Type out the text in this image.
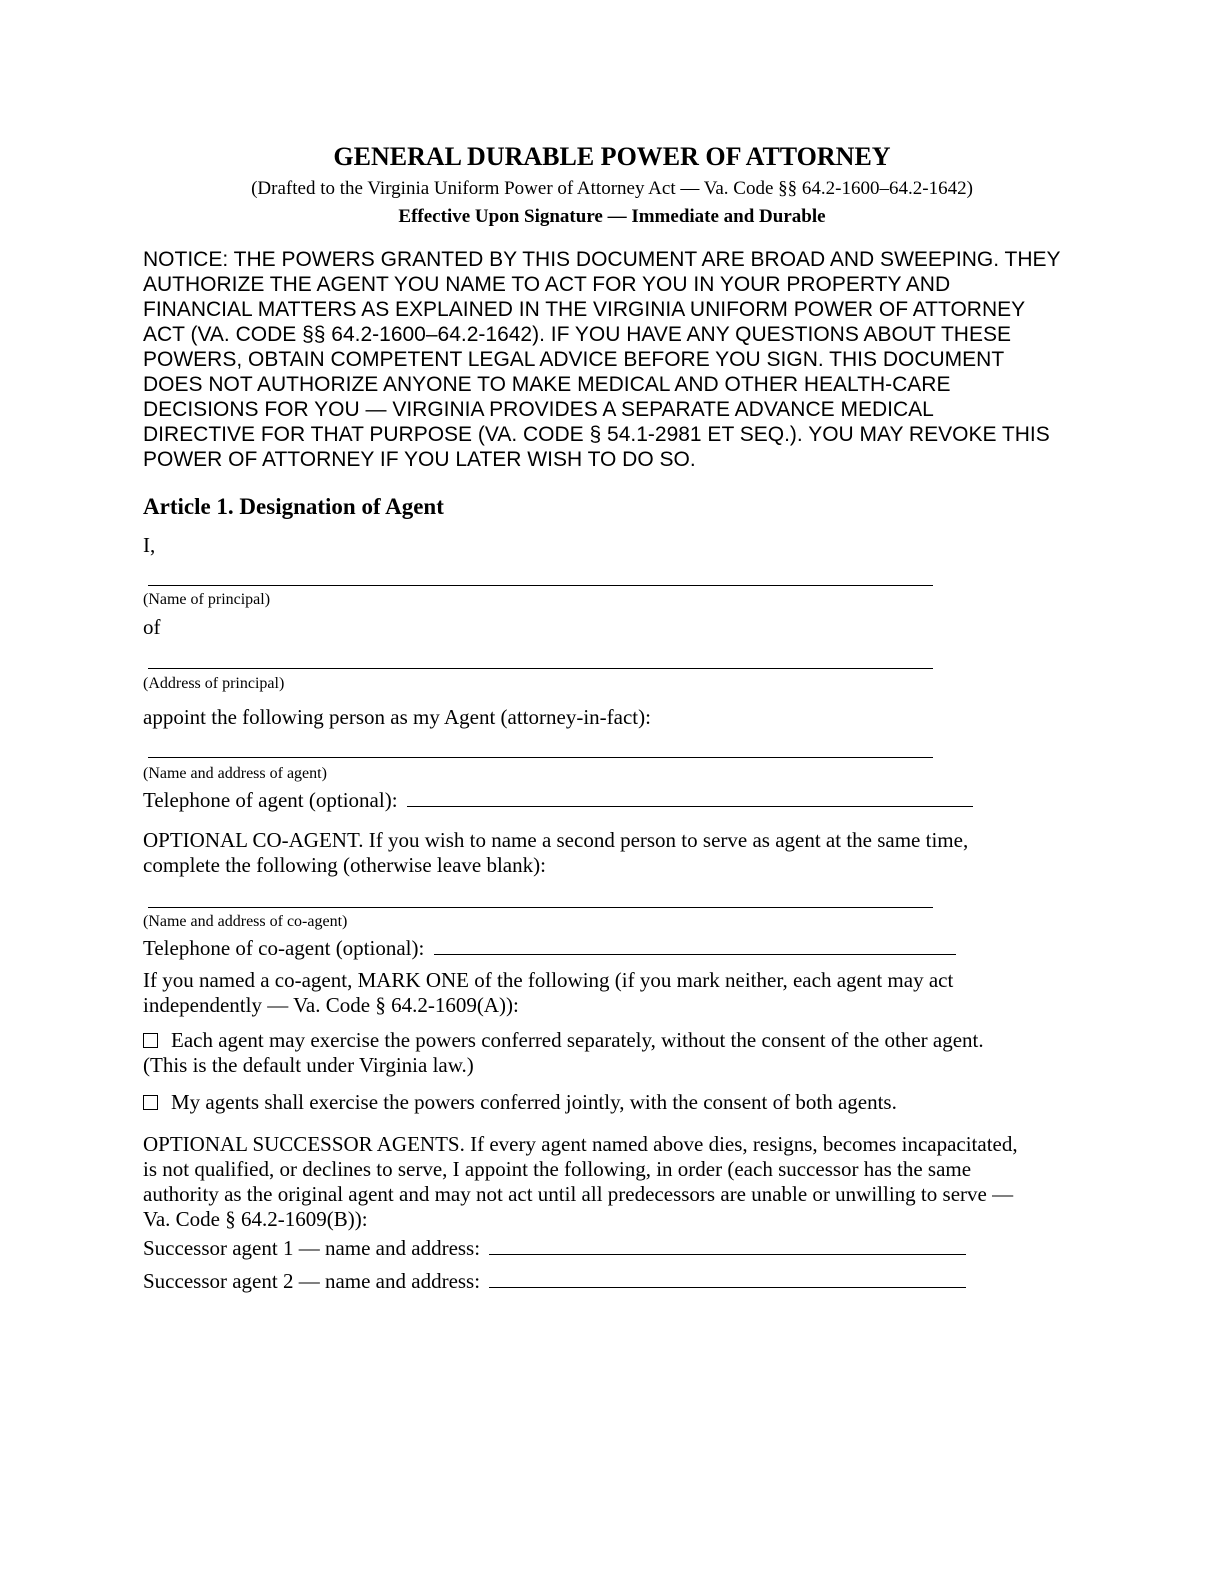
GENERAL DURABLE POWER OF ATTORNEY
(Drafted to the Virginia Uniform Power of Attorney Act — Va. Code §§ 64.2-1600–64.2-1642)
Effective Upon Signature — Immediate and Durable
NOTICE: THE POWERS GRANTED BY THIS DOCUMENT ARE BROAD AND SWEEPING. THEY
AUTHORIZE THE AGENT YOU NAME TO ACT FOR YOU IN YOUR PROPERTY AND
FINANCIAL MATTERS AS EXPLAINED IN THE VIRGINIA UNIFORM POWER OF ATTORNEY
ACT (VA. CODE §§ 64.2-1600–64.2-1642). IF YOU HAVE ANY QUESTIONS ABOUT THESE
POWERS, OBTAIN COMPETENT LEGAL ADVICE BEFORE YOU SIGN. THIS DOCUMENT
DOES NOT AUTHORIZE ANYONE TO MAKE MEDICAL AND OTHER HEALTH-CARE
DECISIONS FOR YOU — VIRGINIA PROVIDES A SEPARATE ADVANCE MEDICAL
DIRECTIVE FOR THAT PURPOSE (VA. CODE § 54.1-2981 ET SEQ.). YOU MAY REVOKE THIS
POWER OF ATTORNEY IF YOU LATER WISH TO DO SO.
Article 1. Designation of Agent
I,
(Name of principal)
of
(Address of principal)
appoint the following person as my Agent (attorney-in-fact):
(Name and address of agent)
Telephone of agent (optional):
OPTIONAL CO-AGENT. If you wish to name a second person to serve as agent at the same time,
complete the following (otherwise leave blank):
(Name and address of co-agent)
Telephone of co-agent (optional):
If you named a co-agent, MARK ONE of the following (if you mark neither, each agent may act
independently — Va. Code § 64.2-1609(A)):
Each agent may exercise the powers conferred separately, without the consent of the other agent.
(This is the default under Virginia law.)
My agents shall exercise the powers conferred jointly, with the consent of both agents.
OPTIONAL SUCCESSOR AGENTS. If every agent named above dies, resigns, becomes incapacitated,
is not qualified, or declines to serve, I appoint the following, in order (each successor has the same
authority as the original agent and may not act until all predecessors are unable or unwilling to serve —
Va. Code § 64.2-1609(B)):
Successor agent 1 — name and address:
Successor agent 2 — name and address:
